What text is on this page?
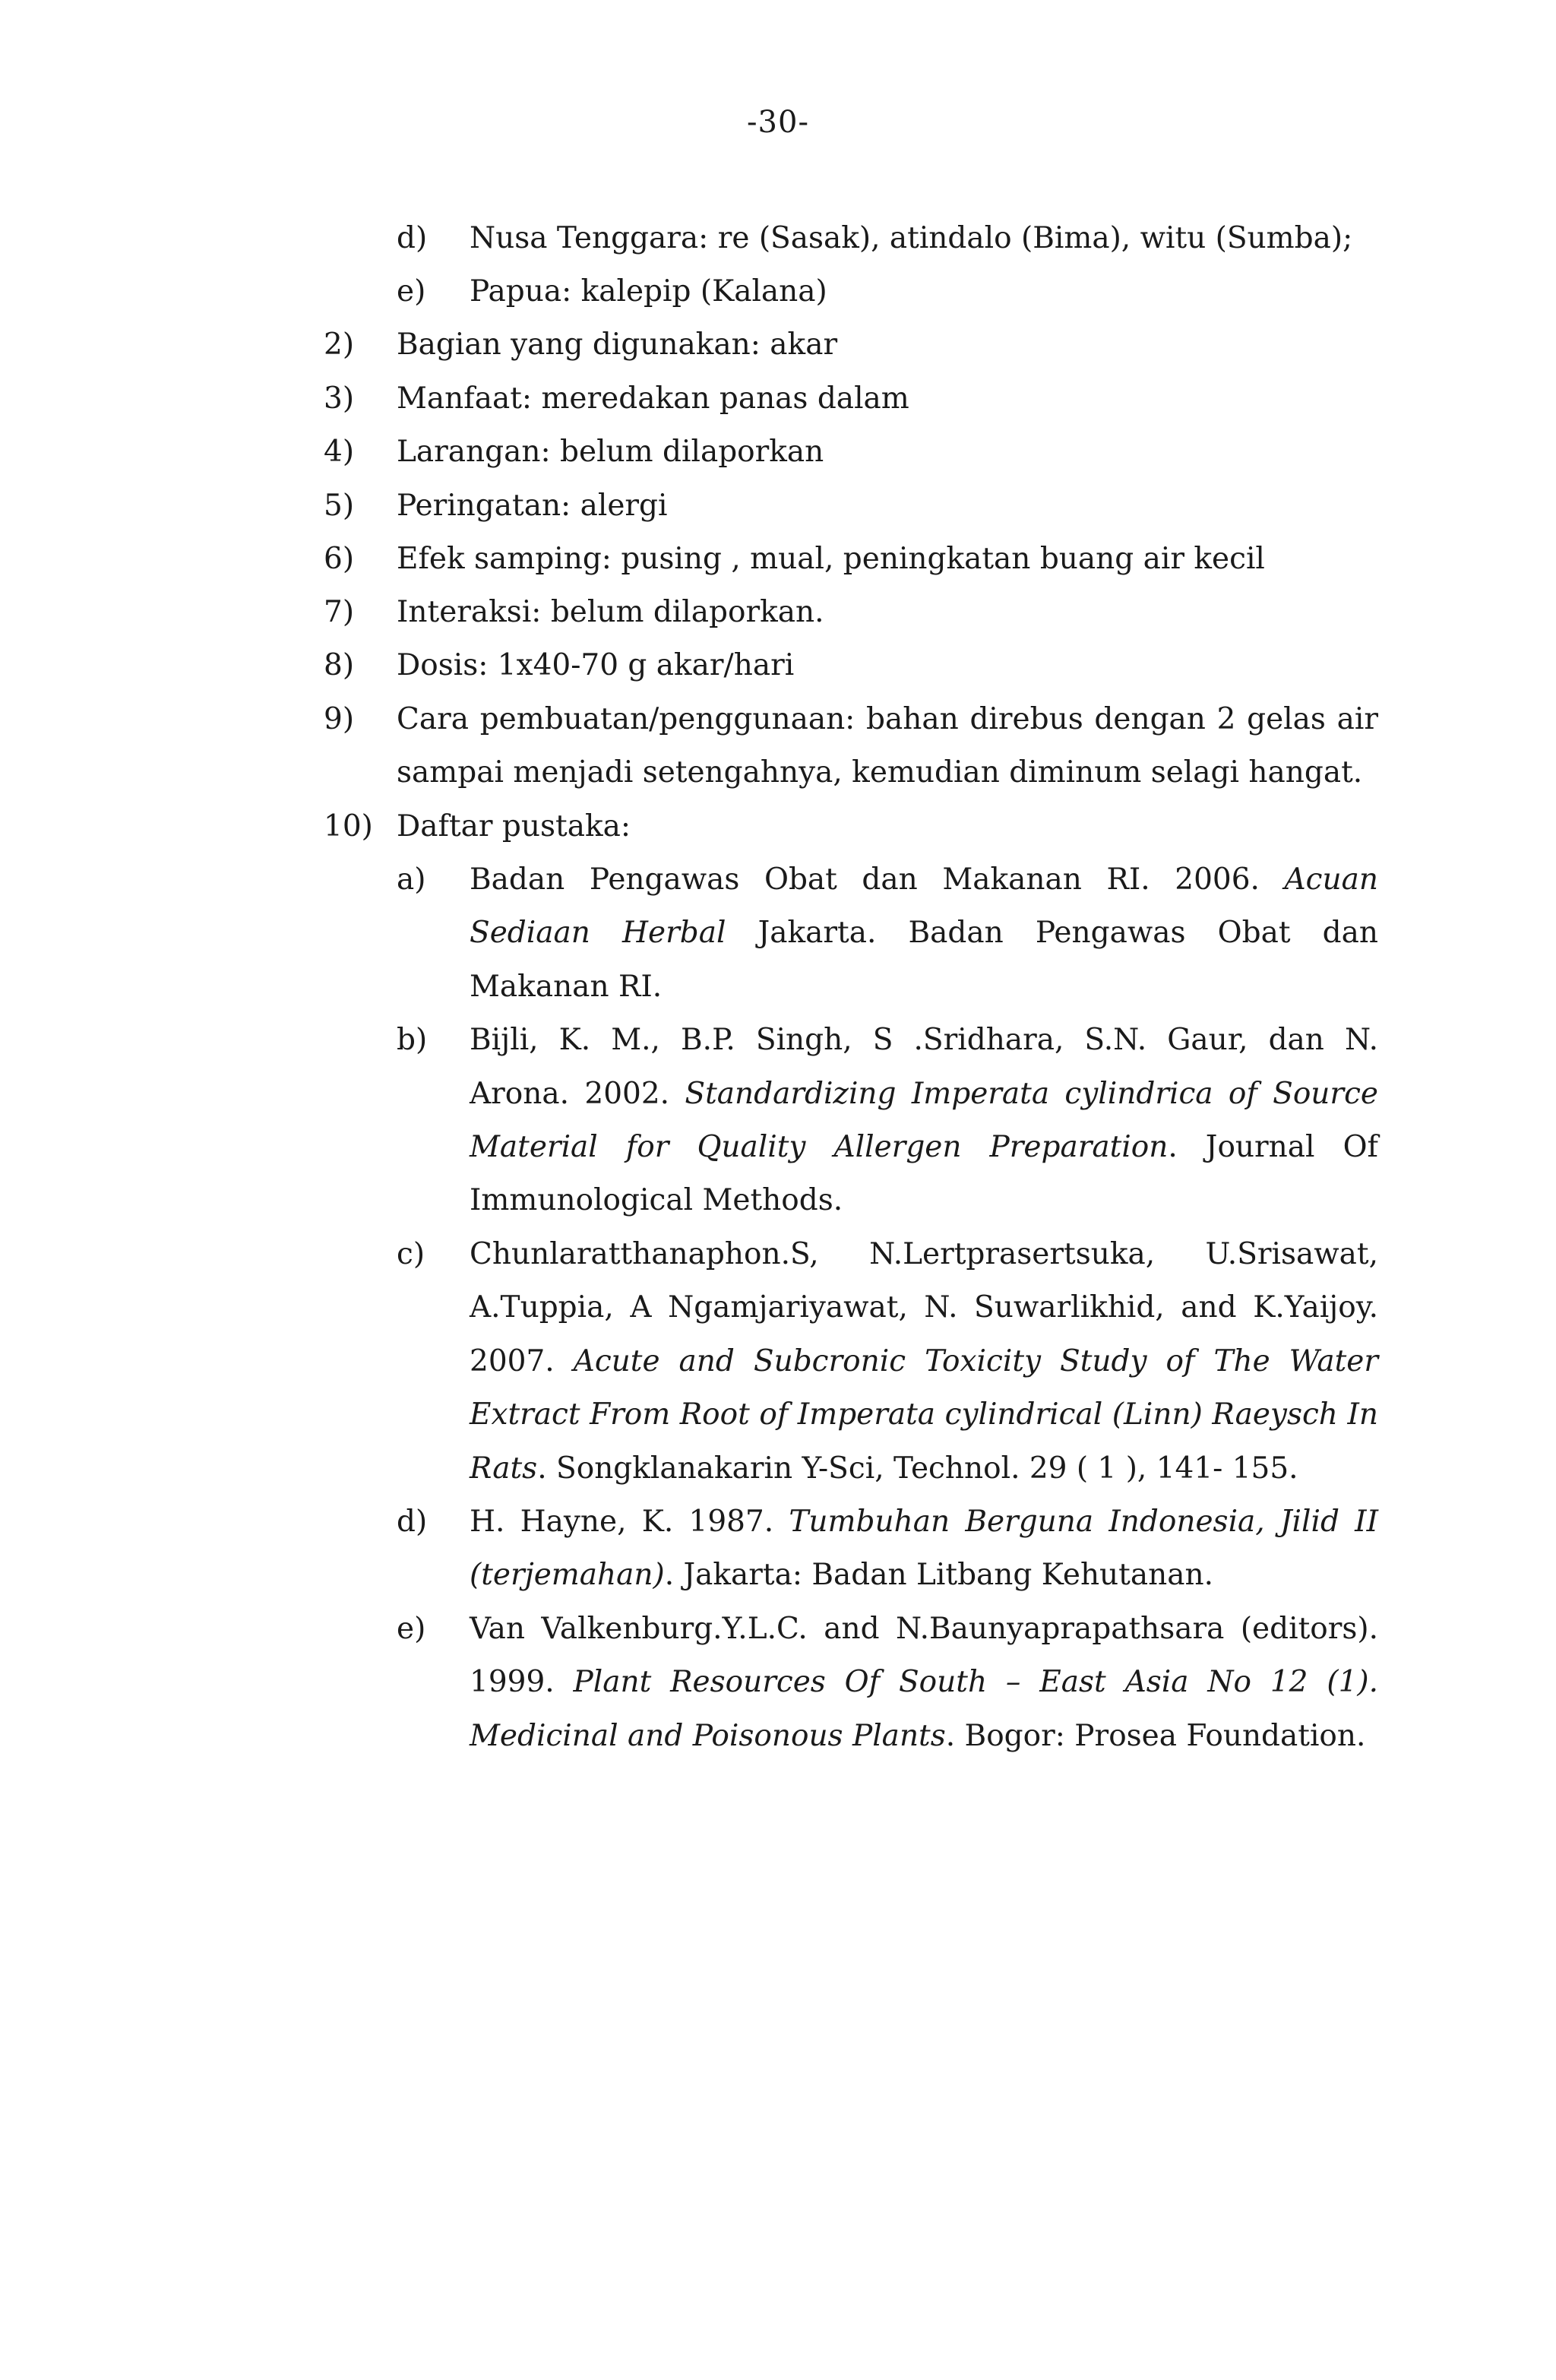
-30-
d) Nusa Tenggara: re (Sasak), atindalo (Bima), witu (Sumba);
e) Papua: kalepip (Kalana)
2) Bagian yang digunakan: akar
3) Manfaat: meredakan panas dalam
4) Larangan: belum dilaporkan
5) Peringatan: alergi
6) Efek samping: pusing , mual, peningkatan buang air kecil
7) Interaksi: belum dilaporkan.
8) Dosis: 1x40-70 g akar/hari
9) Cara pembuatan/penggunaan: bahan direbus dengan 2 gelas air
sampai menjadi setengahnya, kemudian diminum selagi hangat.
10) Daftar pustaka:
a) Badan Pengawas Obat dan Makanan RI. 2006. Acuan
Sediaan Herbal Jakarta. Badan Pengawas Obat dan
Makanan RI.
b) Bijli, K. M., B.P. Singh, S .Sridhara, S.N. Gaur, dan N.
Arona. 2002. Standardizing Imperata cylindrica of Source
Material for Quality Allergen Preparation. Journal Of
Immunological Methods.
c) Chunlaratthanaphon.S, N.Lertprasertsuka, U.Srisawat,
A.Tuppia, A Ngamjariyawat, N. Suwarlikhid, and K.Yaijoy.
2007. Acute and Subcronic Toxicity Study of The Water
Extract From Root of Imperata cylindrical (Linn) Raeysch In
Rats. Songklanakarin Y-Sci, Technol. 29 ( 1 ), 141- 155.
d) H. Hayne, K. 1987. Tumbuhan Berguna Indonesia, Jilid II
(terjemahan). Jakarta: Badan Litbang Kehutanan.
e) Van Valkenburg.Y.L.C. and N.Baunyaprapathsara (editors).
1999. Plant Resources Of South – East Asia No 12 (1).
Medicinal and Poisonous Plants. Bogor: Prosea Foundation.
